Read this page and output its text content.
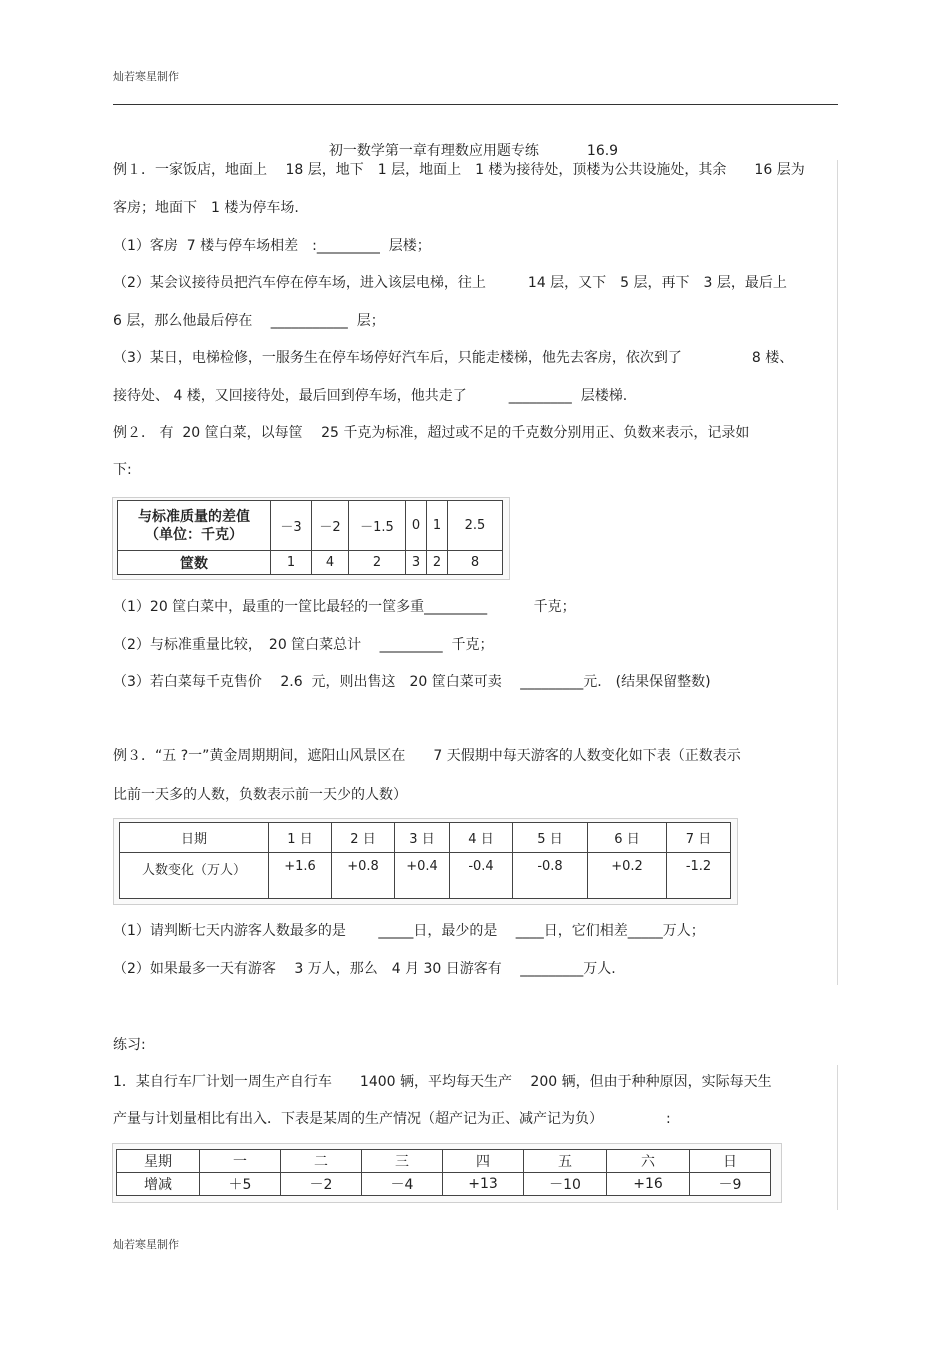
灿若寒星制作

初一数学第一章有理数应用题专练	16.9

例１．一家饭店，地面上　 18 层，地下　1 层，地面上　1 楼为接待处，顶楼为公共设施处，其余　　16 层为
客房；地面下　1 楼为停车场.
（1）客房  7 楼与停车场相差　:_________  层楼；
（2）某会议接待员把汽车停在停车场，进入该层电梯，往上　　　14 层，又下　5 层，再下　3 层，最后上
6 层，那么他最后停在　 ___________  层；
（3）某日，电梯检修，一服务生在停车场停好汽车后，只能走楼梯，他先去客房，依次到了　　　　　8 楼、
接待处、 4 楼，又回接待处，最后回到停车场，他共走了　　　_________  层楼梯.
例２． 有  20 筐白菜，以每筐　 25 千克为标准，超过或不足的千克数分别用正、负数来表示，记录如
下:
与标准质量的差值
（单位：千克）	－3	－2	－1.5	0	1	2.5
筐数	1	4	2	3	2	8
（1）20 筐白菜中，最重的一筐比最轻的一筐多重_________　　　 千克；
（2）与标准重量比较，　20 筐白菜总计　 _________  千克；
（3）若白菜每千克售价　 2.6  元，则出售这　20 筐白菜可卖　 _________元.　(结果保留整数)
例３．“五 ?一”黄金周期期间，遮阳山风景区在　　7 天假期中每天游客的人数变化如下表（正数表示
比前一天多的人数，负数表示前一天少的人数）
日期	1 日	2 日	3 日	4 日	5 日	6 日	7 日
人数变化（万人）	+1.6	+0.8	+0.4	-0.4	-0.8	+0.2	-1.2
（1）请判断七天内游客人数最多的是　　 _____日，最少的是　 ____日，它们相差_____万人；
（2）如果最多一天有游客　 3 万人，那么　4 月 30 日游客有　 _________万人.
练习:
1．某自行车厂计划一周生产自行车　　1400 辆，平均每天生产　 200 辆，但由于种种原因，实际每天生
产量与计划量相比有出入．下表是某周的生产情况（超产记为正、减产记为负）　　　　　:
星期	一	二	三	四	五	六	日
增减	＋5	－2	－4	+13	－10	+16	－9
灿若寒星制作
